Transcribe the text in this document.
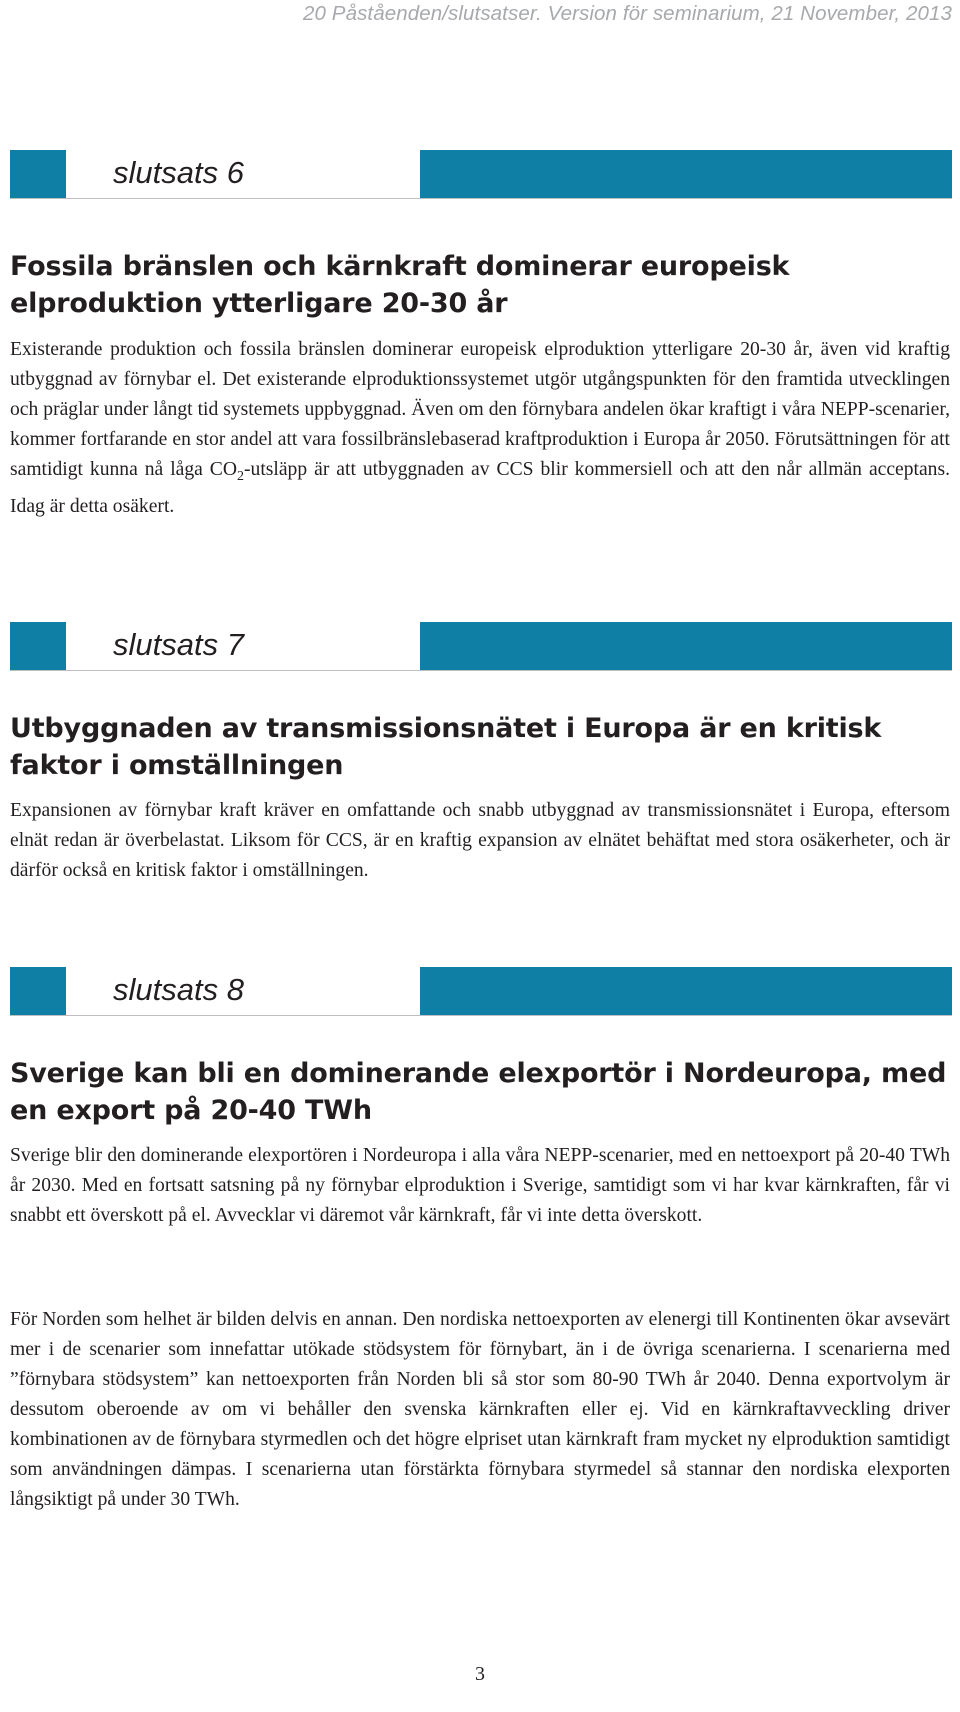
20 Påståenden/slutsatser. Version för seminarium, 21 November, 2013
slutsats 6
Fossila bränslen och kärnkraft dominerar europeisk elproduktion ytterligare 20-30 år

Existerande produktion och fossila bränslen dominerar europeisk elproduktion ytterligare 20-30 år, även vid kraftig utbyggnad av förnybar el. Det existerande elproduktionssystemet utgör utgångspunkten för den framtida utvecklingen och präglar under långt tid systemets uppbyggnad. Även om den förnybara andelen ökar kraftigt i våra NEPP-scenarier, kommer fortfarande en stor andel att vara fossilbränslebaserad kraftproduktion i Europa år 2050. Förutsättningen för att samtidigt kunna nå låga $CO_2$-utsläpp är att utbyggnaden av CCS blir kommersiell och att den når allmän acceptans. Idag är detta osäkert.

slutsats 7
Utbyggnaden av transmissionsnätet i Europa är en kritisk faktor i omställningen

Expansionen av förnybar kraft kräver en omfattande och snabb utbyggnad av transmissionsnätet i Europa, eftersom elnät redan är överbelastat. Liksom för CCS, är en kraftig expansion av elnätet behäftat med stora osäkerheter, och är därför också en kritisk faktor i omställningen.

slutsats 8
Sverige kan bli en dominerande elexportör i Nordeuropa, med en export på 20-40 TWh

Sverige blir den dominerande elexportören i Nordeuropa i alla våra NEPP-scenarier, med en nettoexport på 20-40 TWh år 2030. Med en fortsatt satsning på ny förnybar elproduktion i Sverige, samtidigt som vi har kvar kärnkraften, får vi snabbt ett överskott på el. Avvecklar vi däremot vår kärnkraft, får vi inte detta överskott.

För Norden som helhet är bilden delvis en annan. Den nordiska nettoexporten av elenergi till Kontinenten ökar avsevärt mer i de scenarier som innefattar utökade stödsystem för förnybart, än i de övriga scenarierna. I scenarierna med ”förnybara stödsystem” kan nettoexporten från Norden bli så stor som 80-90 TWh år 2040. Denna exportvolym är dessutom oberoende av om vi behåller den svenska kärnkraften eller ej. Vid en kärnkraftavveckling driver kombinationen av de förnybara styrmedlen och det högre elpriset utan kärnkraft fram mycket ny elproduktion samtidigt som användningen dämpas. I scenarierna utan förstärkta förnybara styrmedel så stannar den nordiska elexporten långsiktigt på under 30 TWh.

3
